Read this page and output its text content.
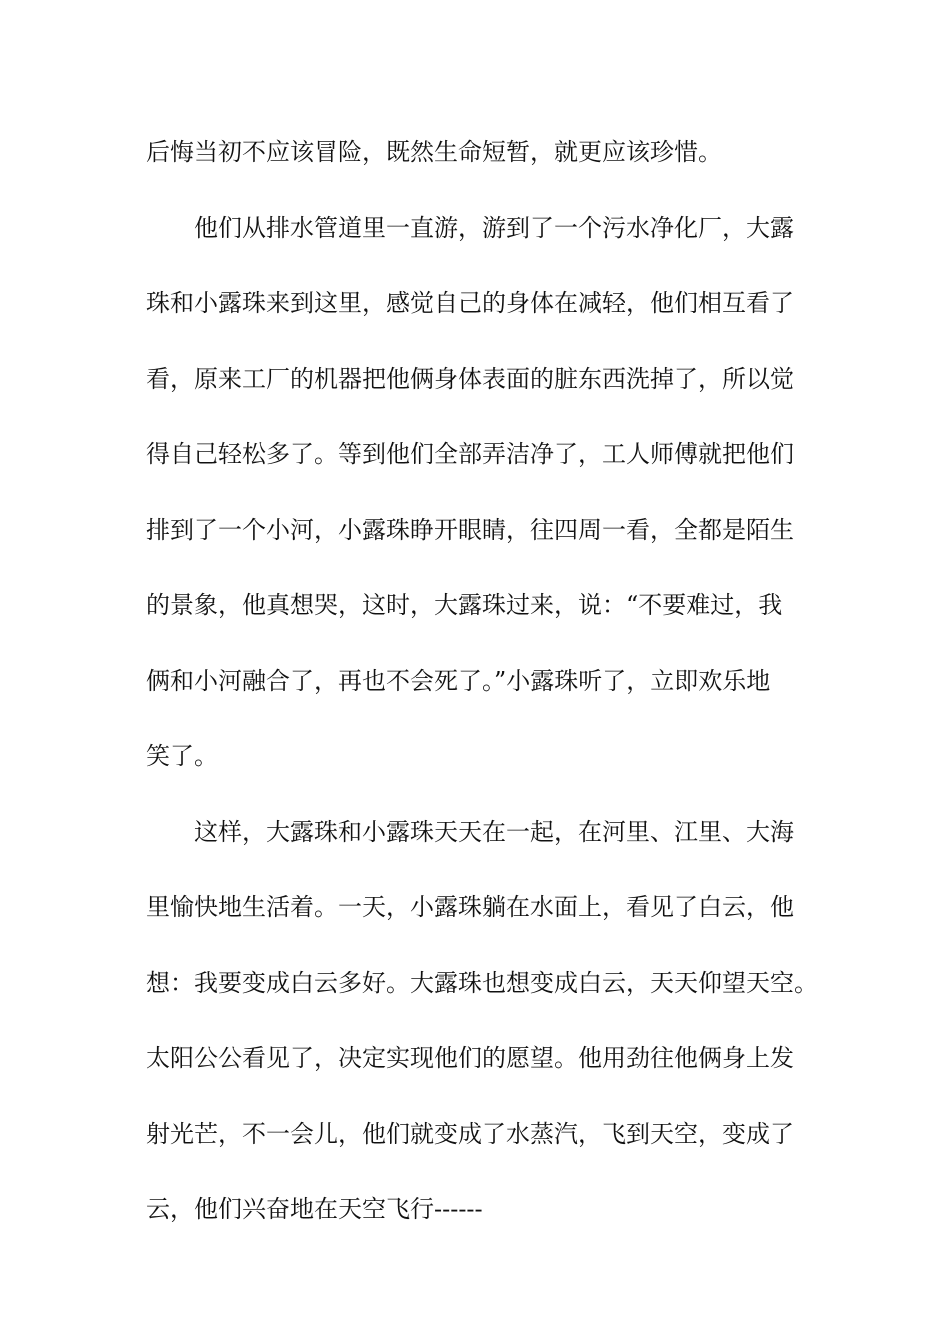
后悔当初不应该冒险，既然生命短暂，就更应该珍惜。
他们从排水管道里一直游，游到了一个污水净化厂，大露
珠和小露珠来到这里，感觉自己的身体在减轻，他们相互看了
看，原来工厂的机器把他俩身体表面的脏东西洗掉了，所以觉
得自己轻松多了。等到他们全部弄洁净了，工人师傅就把他们
排到了一个小河，小露珠睁开眼睛，往四周一看，全都是陌生
的景象，他真想哭，这时，大露珠过来，说：“不要难过，我
俩和小河融合了，再也不会死了。”小露珠听了，立即欢乐地
笑了。
这样，大露珠和小露珠天天在一起，在河里、江里、大海
里愉快地生活着。一天，小露珠躺在水面上，看见了白云，他
想：我要变成白云多好。大露珠也想变成白云，天天仰望天空。
太阳公公看见了，决定实现他们的愿望。他用劲往他俩身上发
射光芒，不一会儿，他们就变成了水蒸汽，飞到天空，变成了
云，他们兴奋地在天空飞行------
